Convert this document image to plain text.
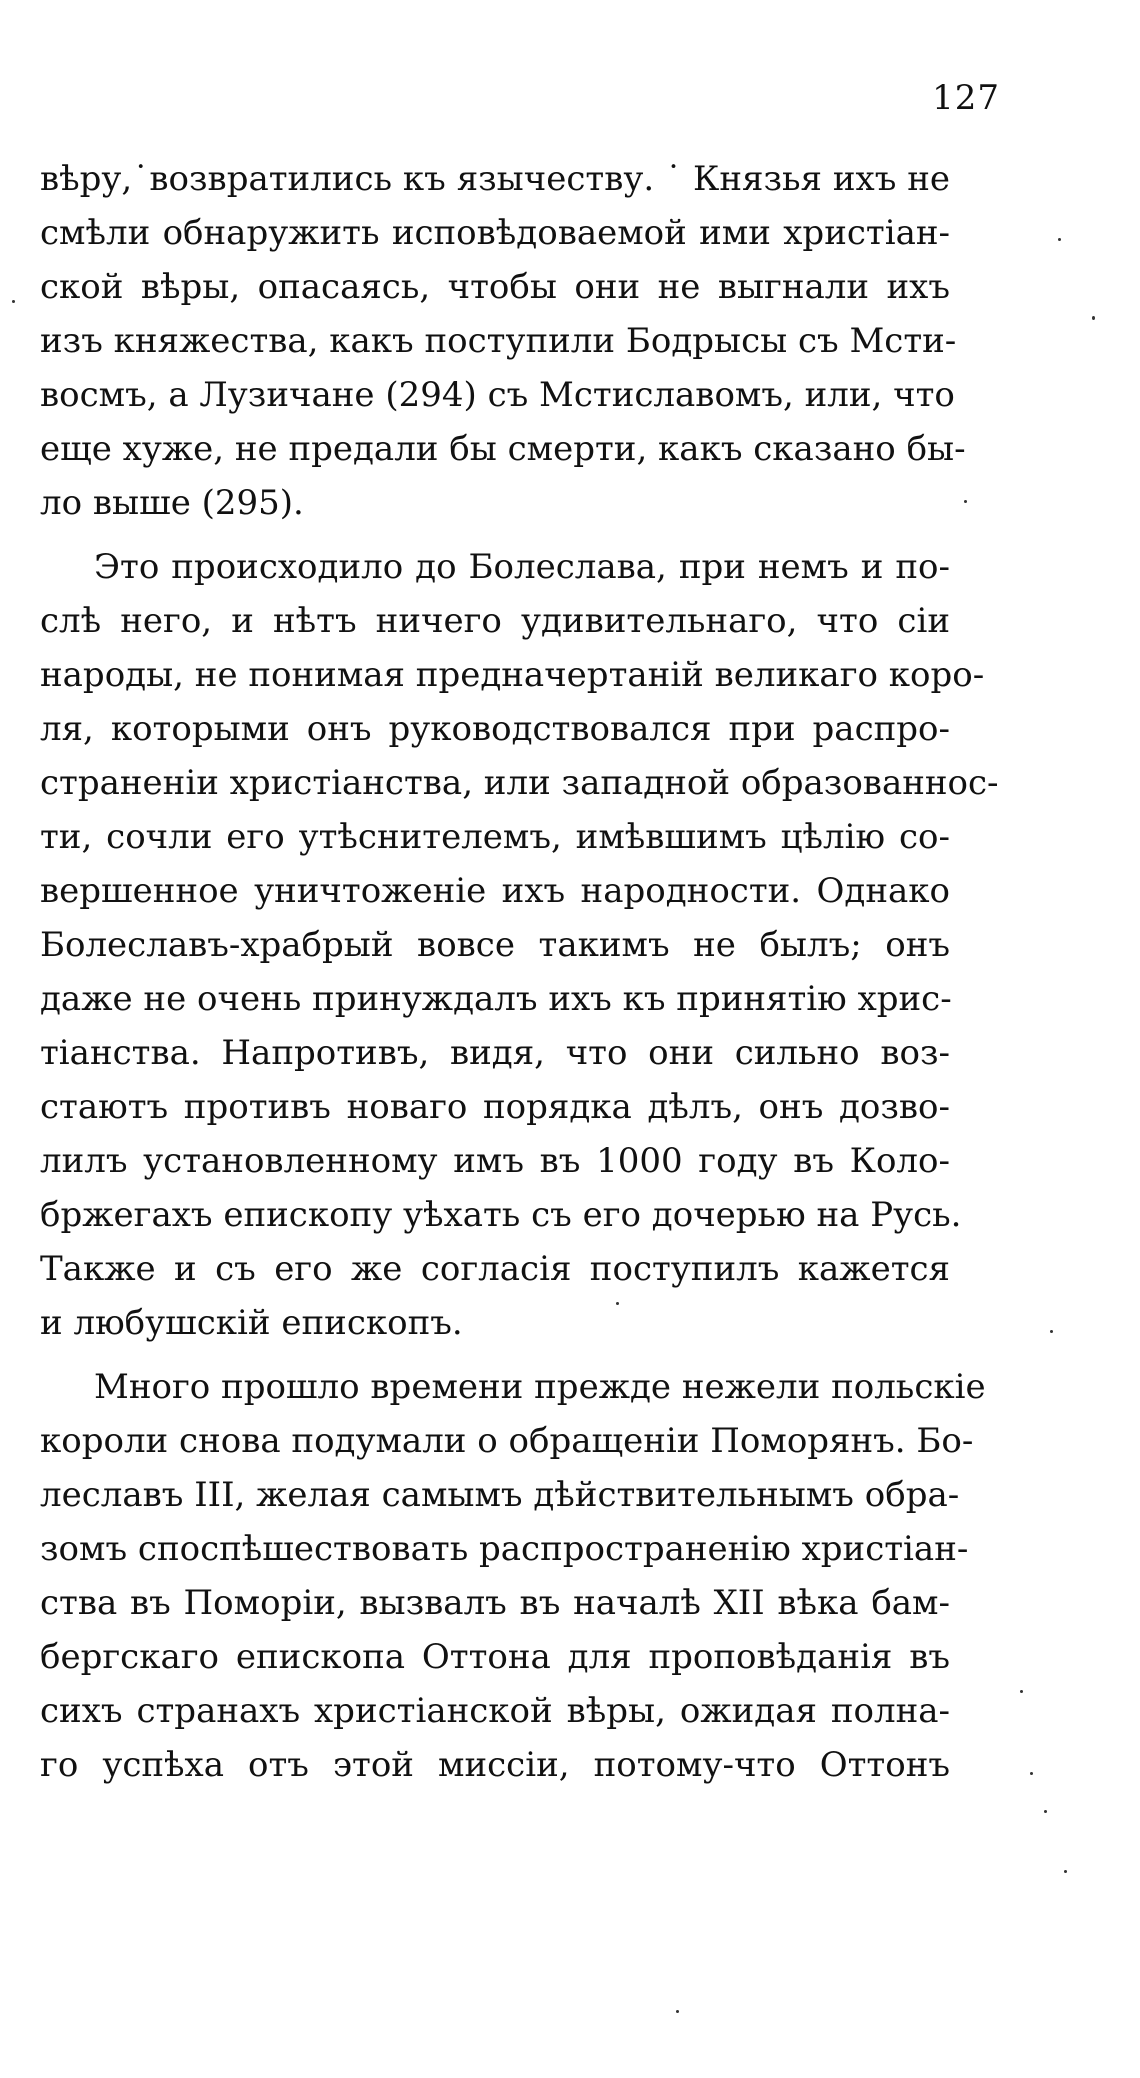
127
вѣру,˙возвратились къ язычеству. ˙ Князья ихъ не
смѣли обнаружить исповѣдоваемой ими христiан-
ской вѣры, опасаясь, чтобы они не выгнали ихъ
изъ княжества, какъ поступили Бодрысы съ Мсти-
восмъ, а Лузичане (294) съ Мстиславомъ, или, что
еще хуже, не предали бы смерти, какъ сказано бы-
ло выше (295).
Это происходило до Болеслава, при немъ и по-
слѣ него, и нѣтъ ничего удивительнаго, что сiи
народы, не понимая предначертанiй великаго коро-
ля, которыми онъ руководствовался при распро-
страненiи христiанства, или западной образованнос-
ти, сочли его утѣснителемъ, имѣвшимъ цѣлiю со-
вершенное уничтоженiе ихъ народности. Однако
Болеславъ-храбрый вовсе такимъ не былъ; онъ
даже не очень принуждалъ ихъ къ принятiю хрис-
тiанства. Напротивъ, видя, что они сильно воз-
стаютъ противъ новаго порядка дѣлъ, онъ дозво-
лилъ установленному имъ въ 1000 году въ Коло-
бржегахъ епископу уѣхать съ его дочерью на Русь.
Также и съ его же согласiя поступилъ кажется
и любушскiй епископъ.
Много прошло времени прежде нежели польскiе
короли снова подумали о обращенiи Поморянъ. Бо-
леславъ III, желая самымъ дѣйствительнымъ обра-
зомъ споспѣшествовать распространенiю христiан-
ства въ Поморiи, вызвалъ въ началѣ XII вѣка бам-
бергскаго епископа Оттона для проповѣданiя въ
сихъ странахъ христiанской вѣры, ожидая полна-
го успѣха отъ этой миссiи, потому-что Оттонъ
